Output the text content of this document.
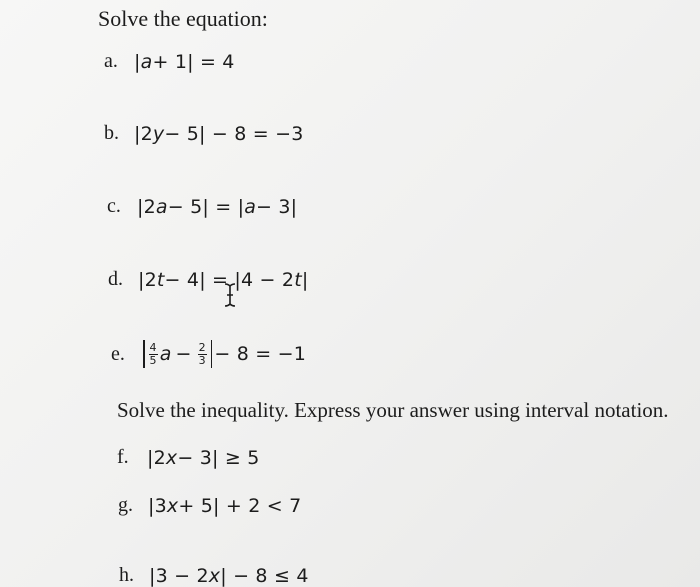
Solve the equation:
a. | a + 1| = 4
b. |2 y − 5| − 8 = −3
c. |2 a − 5| = | a − 3|
d. |2 t − 4| = |4 − 2 t |
e.	$\frac{4}{5}$ $a - \frac{2}{3} - 8 = -1$
Solve the inequality. Express your answer using interval notation.
f. |2 x − 3| ≥ 5
g. |3 x + 5| + 2 < 7
h. |3 − 2 x | − 8 ≤ 4
